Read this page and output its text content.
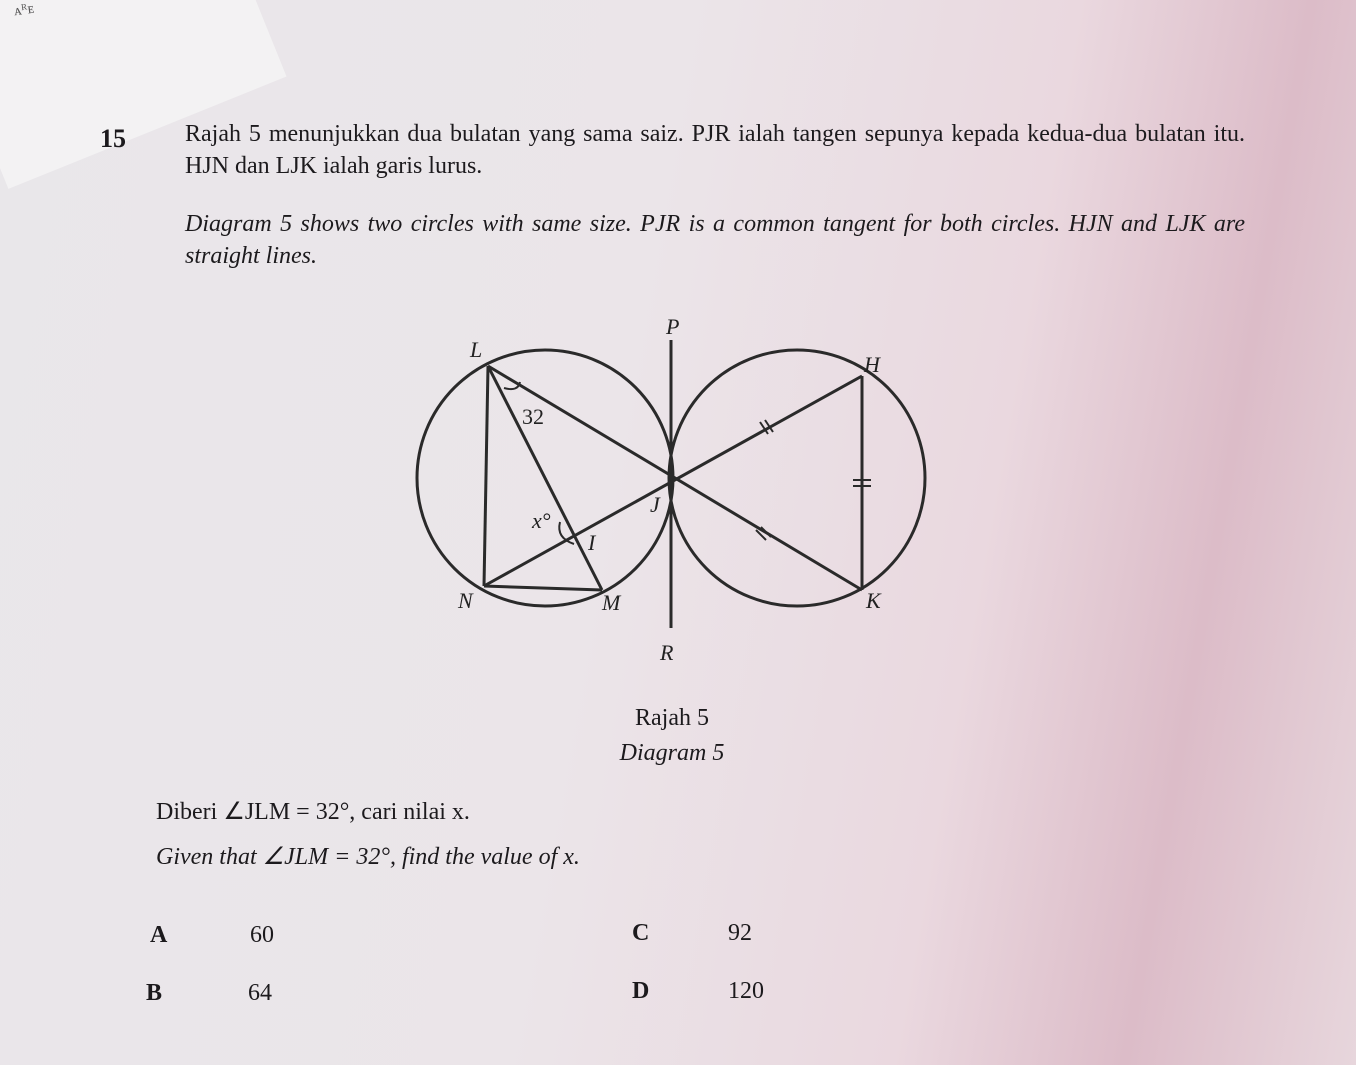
ᴀᴿᴇ
15 Rajah 5 menunjukkan dua bulatan yang sama saiz. PJR ialah tangen sepunya kepada kedua-dua bulatan itu. HJN dan LJK ialah garis lurus.

Diagram 5 shows two circles with same size. PJR is a common tangent for both circles. HJN and LJK are straight lines.

P
L
H
32
x°
J
I
N	M	K
R
Rajah 5
Diagram 5
Diberi ∠JLM = 32°, cari nilai x.
Given that ∠JLM = 32°, find the value of x.
A	60
B	64
C	92
D	120
